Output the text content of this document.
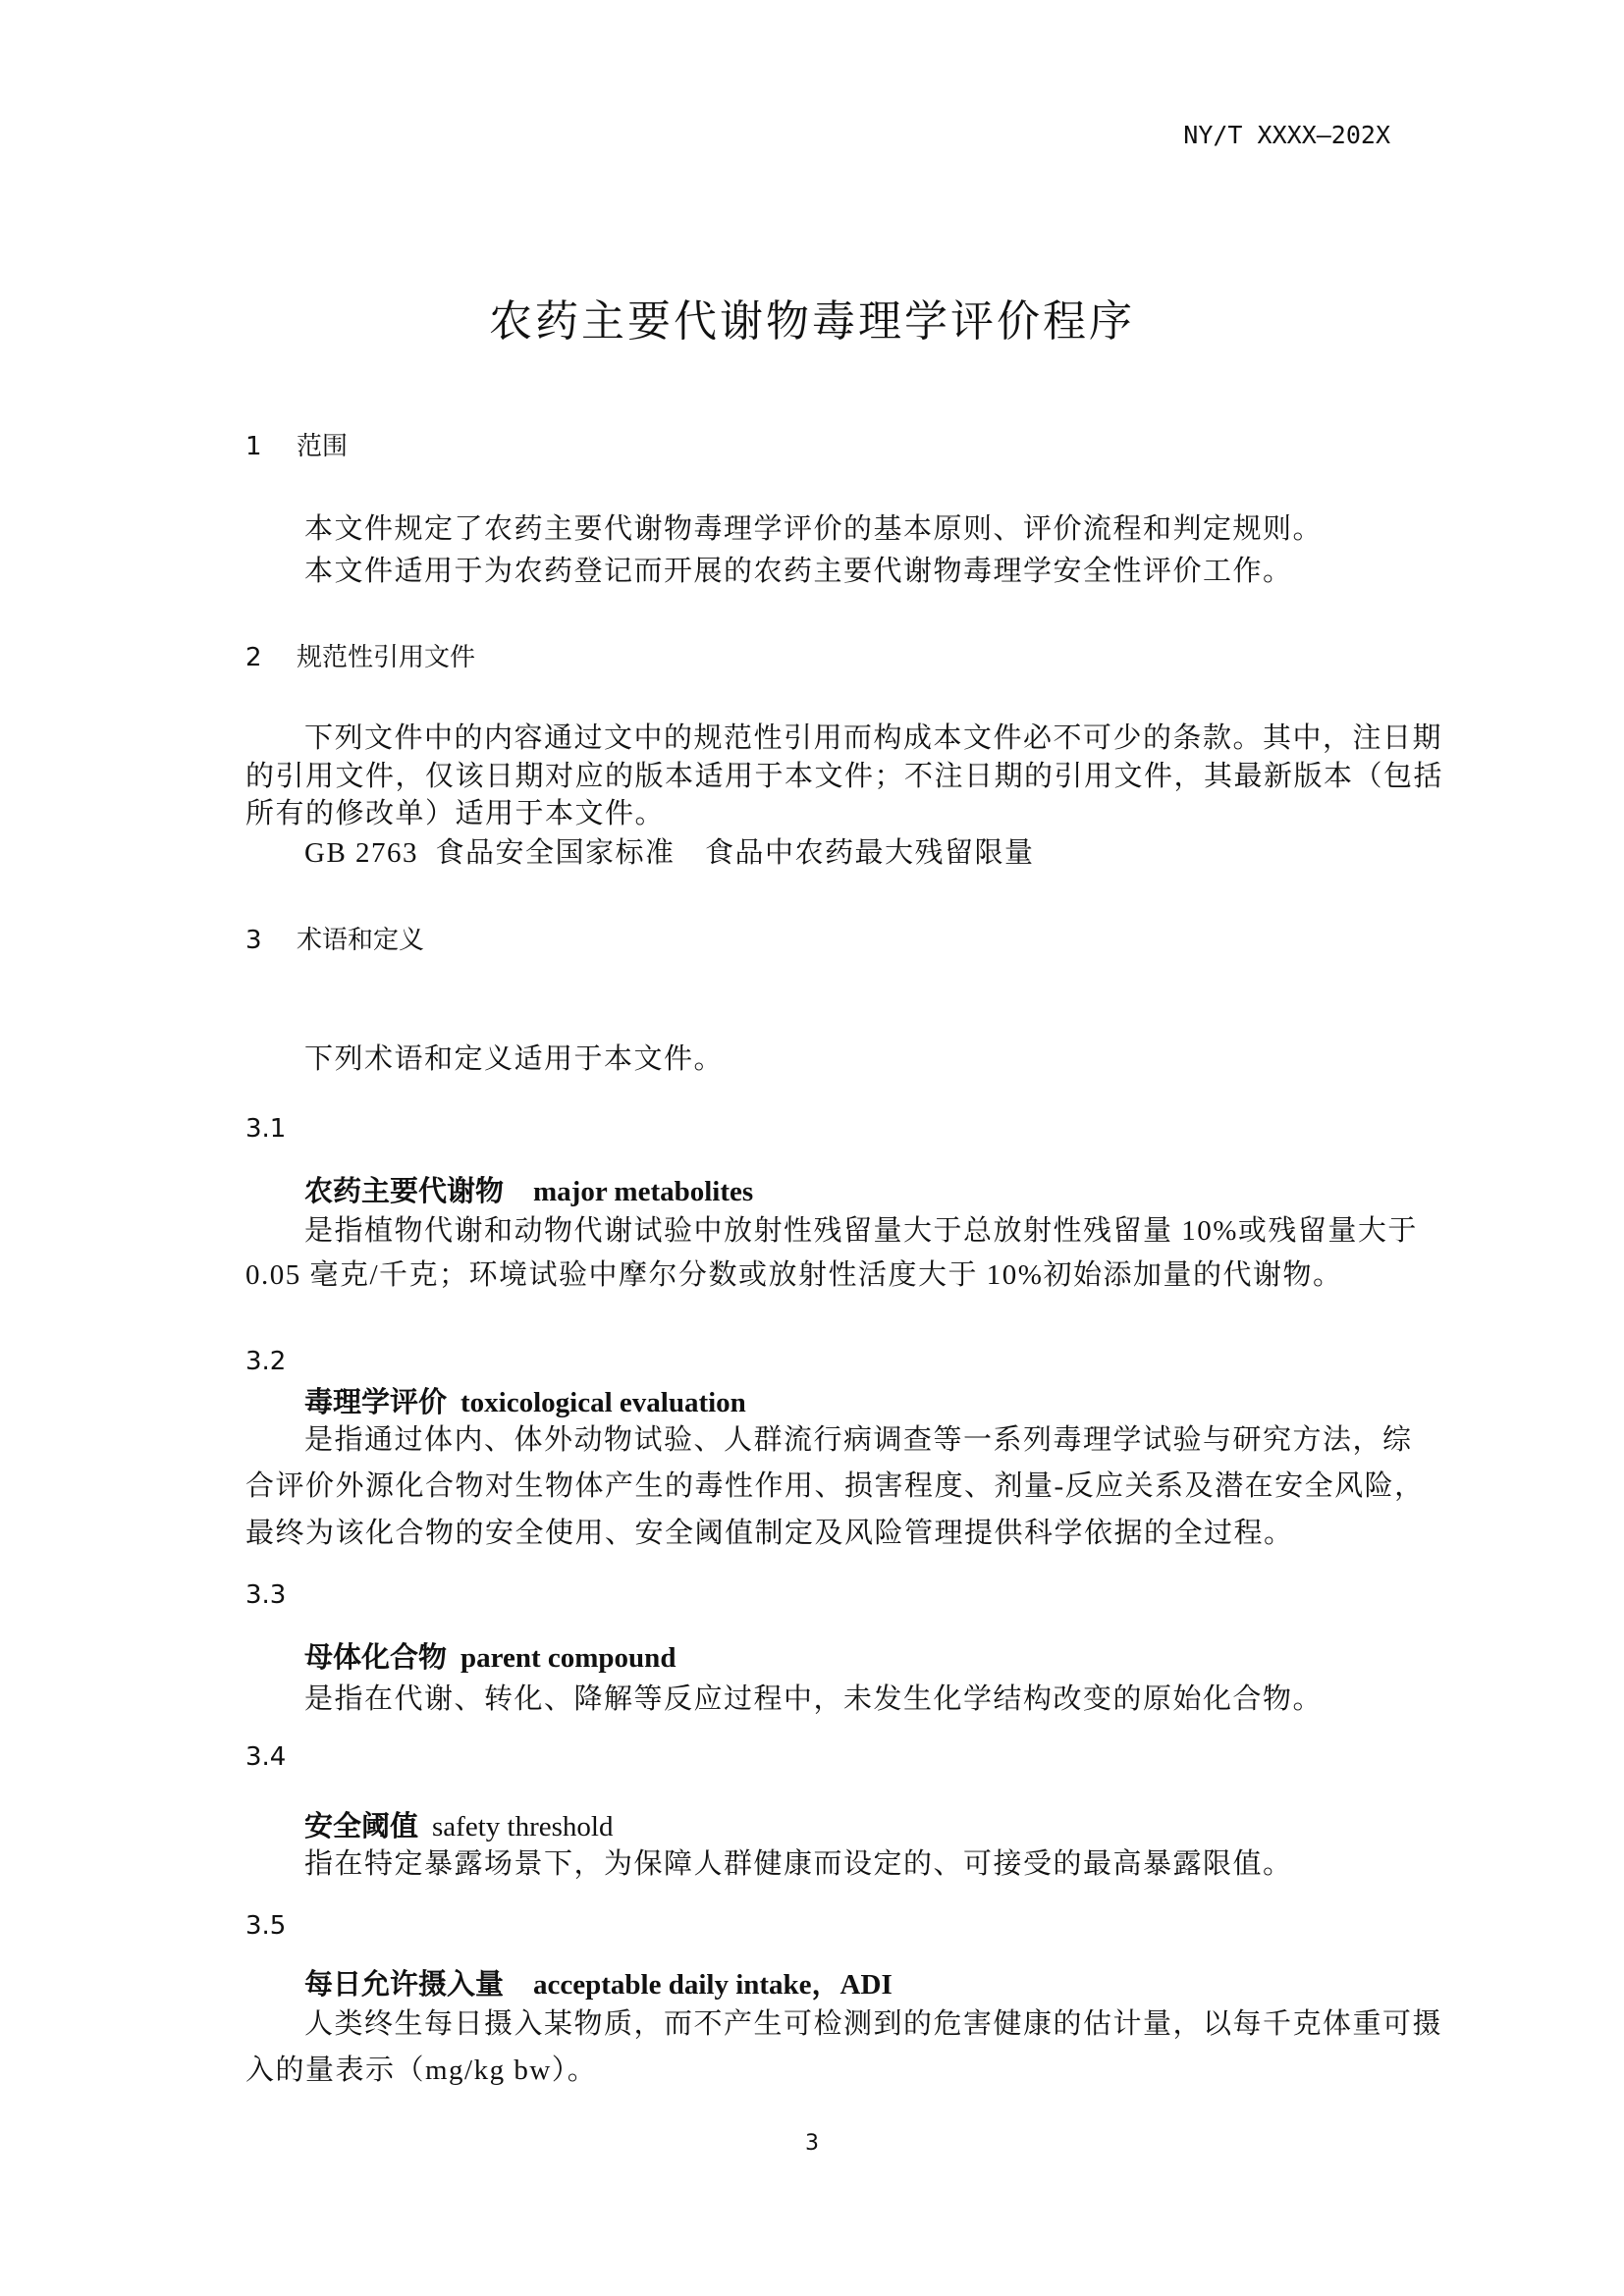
NY/T XXXX—202X
农药主要代谢物毒理学评价程序
1 范围
本文件规定了农药主要代谢物毒理学评价的基本原则、评价流程和判定规则。
本文件适用于为农药登记而开展的农药主要代谢物毒理学安全性评价工作。
2 规范性引用文件
下列文件中的内容通过文中的规范性引用而构成本文件必不可少的条款。其中，注日期
的引用文件，仅该日期对应的版本适用于本文件；不注日期的引用文件，其最新版本（包括
所有的修改单）适用于本文件。
GB 2763  食品安全国家标准　食品中农药最大残留限量
3 术语和定义
下列术语和定义适用于本文件。
3.1
农药主要代谢物 major metabolites
是指植物代谢和动物代谢试验中放射性残留量大于总放射性残留量 10%或残留量大于
0.05 毫克/千克；环境试验中摩尔分数或放射性活度大于 10%初始添加量的代谢物。
3.2
毒理学评价 toxicological evaluation
是指通过体内、体外动物试验、人群流行病调查等一系列毒理学试验与研究方法，综
合评价外源化合物对生物体产生的毒性作用、损害程度、剂量-反应关系及潜在安全风险，
最终为该化合物的安全使用、安全阈值制定及风险管理提供科学依据的全过程。
3.3
母体化合物 parent compound
是指在代谢、转化、降解等反应过程中，未发生化学结构改变的原始化合物。
3.4
安全阈值 safety threshold
指在特定暴露场景下，为保障人群健康而设定的、可接受的最高暴露限值。
3.5
每日允许摄入量 acceptable daily intake，ADI
人类终生每日摄入某物质，而不产生可检测到的危害健康的估计量，以每千克体重可摄
入的量表示（mg/kg bw）。
3
